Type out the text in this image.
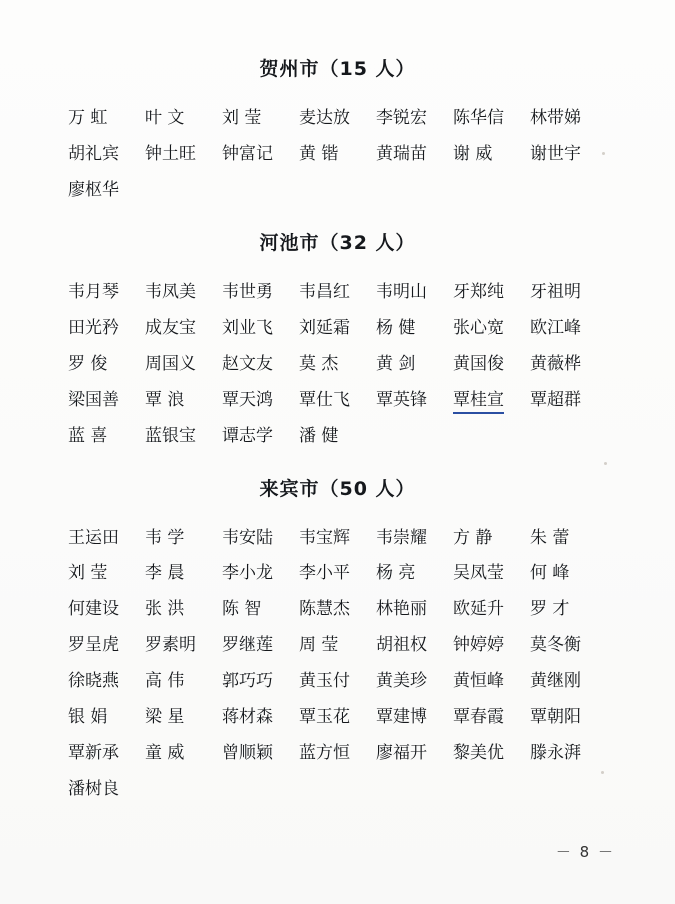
贺州市（15 人）
万 虹	叶 文	刘 莹	麦达放	李锐宏	陈华信	林带娣
胡礼宾	钟土旺	钟富记	黄 锴	黄瑞苗	谢 威	谢世宇
廖枢华
河池市（32 人）
韦月琴	韦凤美	韦世勇	韦昌红	韦明山	牙郑纯	牙祖明
田光矜	成友宝	刘业飞	刘延霜	杨 健	张心宽	欧江峰
罗 俊	周国义	赵文友	莫 杰	黄 剑	黄国俊	黄薇桦
梁国善	覃 浪	覃天鸿	覃仕飞	覃英锋	覃桂宣	覃超群
蓝 喜	蓝银宝	谭志学	潘 健
来宾市（50 人）
王运田	韦 学	韦安陆	韦宝辉	韦崇耀	方 静	朱 蕾
刘 莹	李 晨	李小龙	李小平	杨 亮	吴凤莹	何 峰
何建设	张 洪	陈 智	陈慧杰	林艳丽	欧延升	罗 才
罗呈虎	罗素明	罗继莲	周 莹	胡祖权	钟婷婷	莫冬衡
徐晓燕	高 伟	郭巧巧	黄玉付	黄美珍	黄恒峰	黄继刚
银 娟	梁 星	蒋材森	覃玉花	覃建博	覃春霞	覃朝阳
覃新承	童 威	曾顺颖	蓝方恒	廖福开	黎美优	滕永湃
潘树良
－ 8 －
